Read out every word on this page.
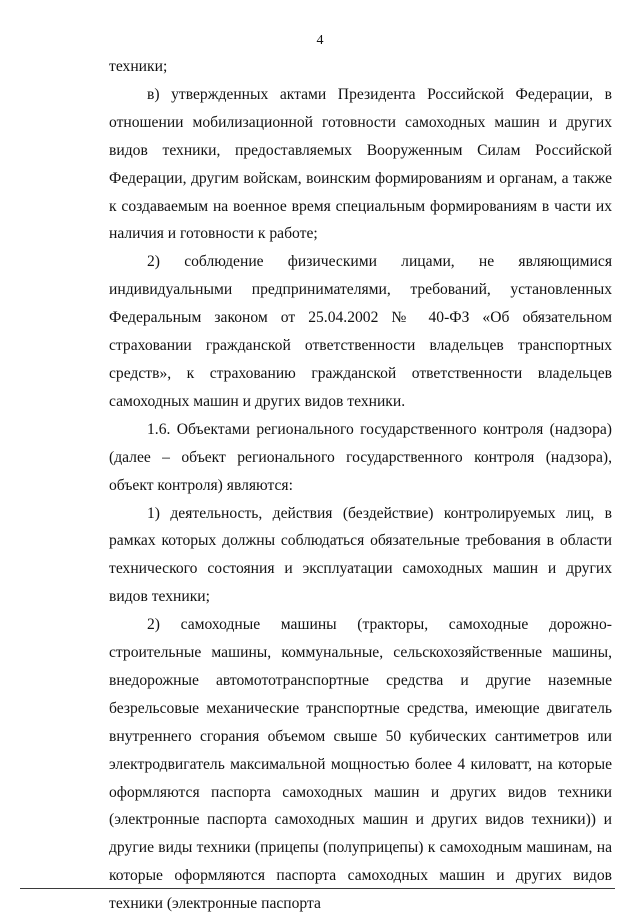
4

техники;

в) утвержденных актами Президента Российской Федерации, в отношении мобилизационной готовности самоходных машин и других видов техники, предоставляемых Вооруженным Силам Российской Федерации, другим войскам, воинским формированиям и органам, а также к создаваемым на военное время специальным формированиям в части их наличия и готовности к работе;

2) соблюдение физическими лицами, не являющимися индивидуальными предпринимателями, требований, установленных Федеральным законом от 25.04.2002 № 40-ФЗ «Об обязательном страховании гражданской ответственности владельцев транспортных средств», к страхованию гражданской ответственности владельцев самоходных машин и других видов техники.

1.6. Объектами регионального государственного контроля (надзора) (далее – объект регионального государственного контроля (надзора), объект контроля) являются:

1) деятельность, действия (бездействие) контролируемых лиц, в рамках которых должны соблюдаться обязательные требования в области технического состояния и эксплуатации самоходных машин и других видов техники;

2) самоходные машины (тракторы, самоходные дорожно-строительные машины, коммунальные, сельскохозяйственные машины, внедорожные автомототранспортные средства и другие наземные безрельсовые механические транспортные средства, имеющие двигатель внутреннего сгорания объемом свыше 50 кубических сантиметров или электродвигатель максимальной мощностью более 4 киловатт, на которые оформляются паспорта самоходных машин и других видов техники (электронные паспорта самоходных машин и других видов техники)) и другие виды техники (прицепы (полуприцепы) к самоходным машинам, на которые оформляются паспорта самоходных машин и других видов техники (электронные паспорта
